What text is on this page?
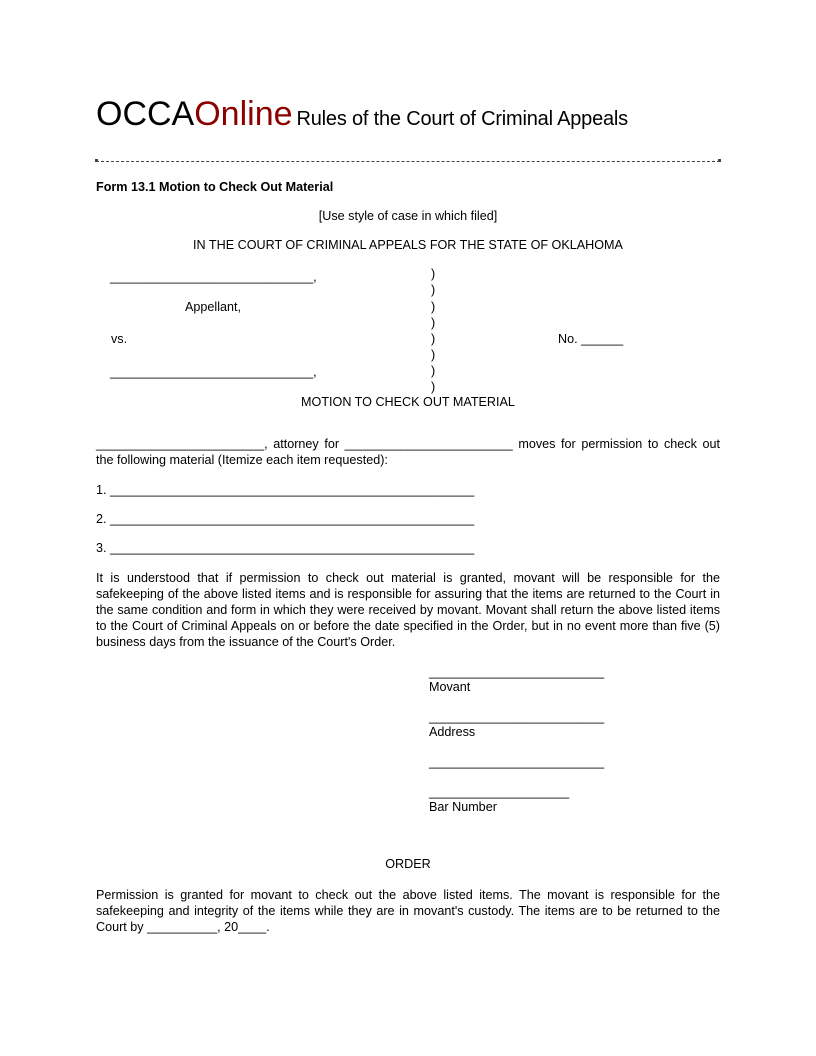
OCCAOnline Rules of the Court of Criminal Appeals
Form 13.1 Motion to Check Out Material
[Use style of case in which filed]
IN THE COURT OF CRIMINAL APPEALS FOR THE STATE OF OKLAHOMA
_____________________________,
Appellant,
vs.
_____________________________,
No. ______
)
)
)
)
)
)
)
)
MOTION TO CHECK OUT MATERIAL
________________________, attorney for ________________________ moves for permission to check out
the following material (Itemize each item requested):
1. ____________________________________________________
2. ____________________________________________________
3. ____________________________________________________
It is understood that if permission to check out material is granted, movant will be responsible for the safekeeping of the above listed items and is responsible for assuring that the items are returned to the Court in the same condition and form in which they were received by movant. Movant shall return the above listed items to the Court of Criminal Appeals on or before the date specified in the Order, but in no event more than five (5) business days from the issuance of the Court's Order.
_________________________
Movant
_________________________
Address
_________________________
____________________
Bar Number
ORDER
Permission is granted for movant to check out the above listed items. The movant is responsible for the safekeeping and integrity of the items while they are in movant's custody. The items are to be returned to the Court by __________, 20____.
